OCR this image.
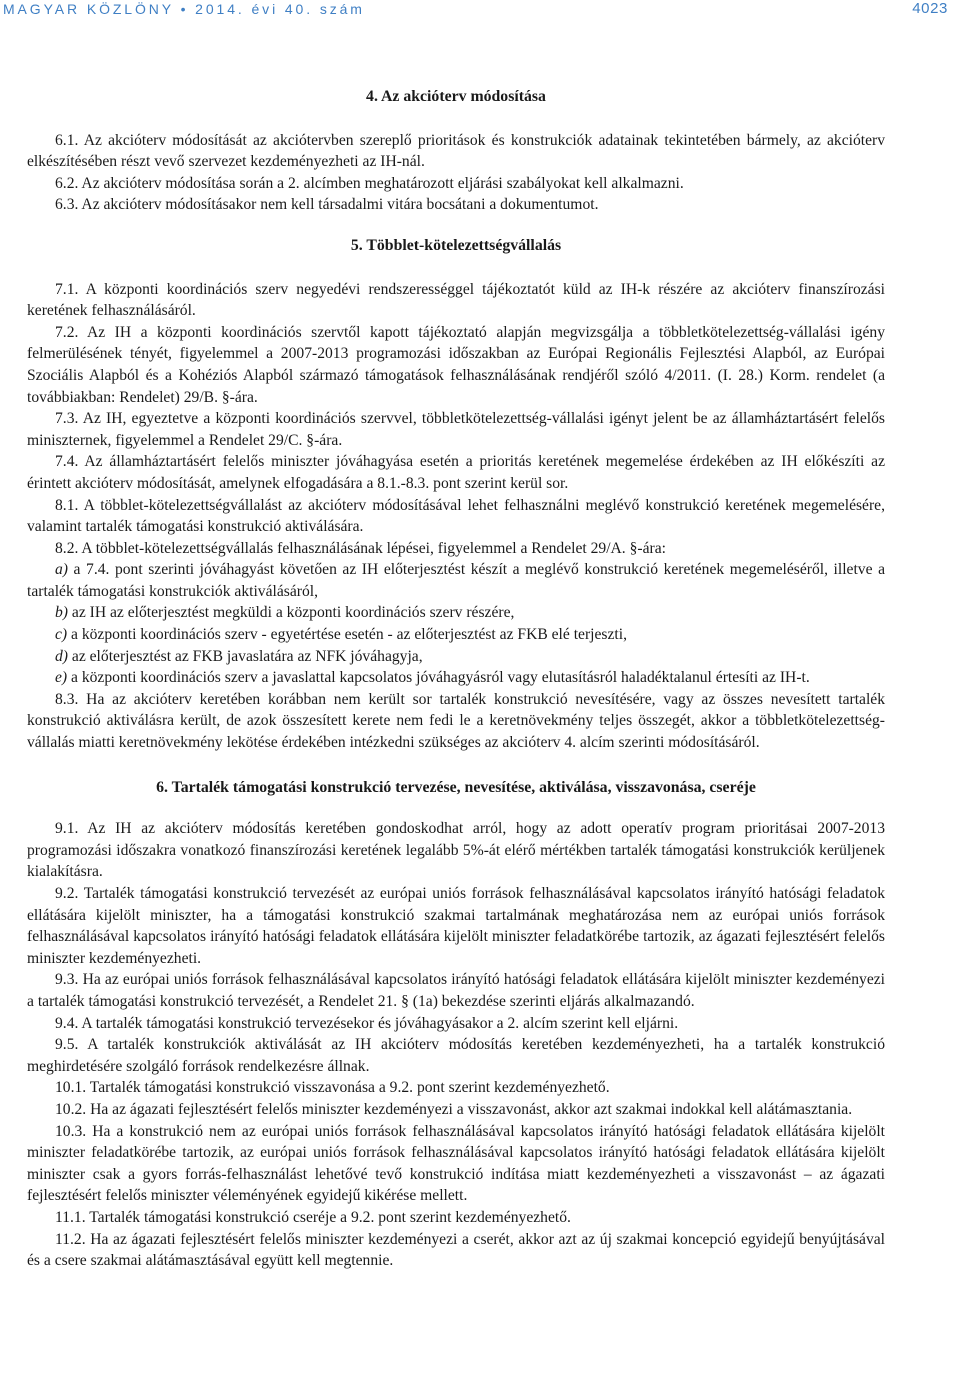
MAGYAR KÖZLÖNY • 2014. évi 40. szám	4023
4. Az akcióterv módosítása

6.1. Az akcióterv módosítását az akciótervben szereplő prioritások és konstrukciók adatainak tekintetében bármely, az akcióterv elkészítésében részt vevő szervezet kezdeményezheti az IH-nál.

6.2. Az akcióterv módosítása során a 2. alcímben meghatározott eljárási szabályokat kell alkalmazni.

6.3. Az akcióterv módosításakor nem kell társadalmi vitára bocsátani a dokumentumot.

5. Többlet-kötelezettségvállalás

7.1. A központi koordinációs szerv negyedévi rendszerességgel tájékoztatót küld az IH-k részére az akcióterv finanszírozási keretének felhasználásáról.

7.2. Az IH a központi koordinációs szervtől kapott tájékoztató alapján megvizsgálja a többletkötelezettség-vállalási igény felmerülésének tényét, figyelemmel a 2007-2013 programozási időszakban az Európai Regionális Fejlesztési Alapból, az Európai Szociális Alapból és a Kohéziós Alapból származó támogatások felhasználásának rendjéről szóló 4/2011. (I. 28.) Korm. rendelet (a továbbiakban: Rendelet) 29/B. §-ára.

7.3. Az IH, egyeztetve a központi koordinációs szervvel, többletkötelezettség-vállalási igényt jelent be az államháztartásért felelős miniszternek, figyelemmel a Rendelet 29/C. §-ára.

7.4. Az államháztartásért felelős miniszter jóváhagyása esetén a prioritás keretének megemelése érdekében az IH előkészíti az érintett akcióterv módosítását, amelynek elfogadására a 8.1.-8.3. pont szerint kerül sor.

8.1. A többlet-kötelezettségvállalást az akcióterv módosításával lehet felhasználni meglévő konstrukció keretének megemelésére, valamint tartalék támogatási konstrukció aktiválására.

8.2. A többlet-kötelezettségvállalás felhasználásának lépései, figyelemmel a Rendelet 29/A. §-ára:

a) a 7.4. pont szerinti jóváhagyást követően az IH előterjesztést készít a meglévő konstrukció keretének megemeléséről, illetve a tartalék támogatási konstrukciók aktiválásáról,

b) az IH az előterjesztést megküldi a központi koordinációs szerv részére,

c) a központi koordinációs szerv - egyetértése esetén - az előterjesztést az FKB elé terjeszti,

d) az előterjesztést az FKB javaslatára az NFK jóváhagyja,

e) a központi koordinációs szerv a javaslattal kapcsolatos jóváhagyásról vagy elutasításról haladéktalanul értesíti az IH-t.

8.3. Ha az akcióterv keretében korábban nem került sor tartalék konstrukció nevesítésére, vagy az összes nevesített tartalék konstrukció aktiválásra került, de azok összesített kerete nem fedi le a keretnövekmény teljes összegét, akkor a többletkötelezettség-vállalás miatti keretnövekmény lekötése érdekében intézkedni szükséges az akcióterv 4. alcím szerinti módosításáról.

6. Tartalék támogatási konstrukció tervezése, nevesítése, aktiválása, visszavonása, cseréje

9.1. Az IH az akcióterv módosítás keretében gondoskodhat arról, hogy az adott operatív program prioritásai 2007-2013 programozási időszakra vonatkozó finanszírozási keretének legalább 5%-át elérő mértékben tartalék támogatási konstrukciók kerüljenek kialakításra.

9.2. Tartalék támogatási konstrukció tervezését az európai uniós források felhasználásával kapcsolatos irányító hatósági feladatok ellátására kijelölt miniszter, ha a támogatási konstrukció szakmai tartalmának meghatározása nem az európai uniós források felhasználásával kapcsolatos irányító hatósági feladatok ellátására kijelölt miniszter feladatkörébe tartozik, az ágazati fejlesztésért felelős miniszter kezdeményezheti.

9.3. Ha az európai uniós források felhasználásával kapcsolatos irányító hatósági feladatok ellátására kijelölt miniszter kezdeményezi a tartalék támogatási konstrukció tervezését, a Rendelet 21. § (1a) bekezdése szerinti eljárás alkalmazandó.

9.4. A tartalék támogatási konstrukció tervezésekor és jóváhagyásakor a 2. alcím szerint kell eljárni.

9.5. A tartalék konstrukciók aktiválását az IH akcióterv módosítás keretében kezdeményezheti, ha a tartalék konstrukció meghirdetésére szolgáló források rendelkezésre állnak.

10.1. Tartalék támogatási konstrukció visszavonása a 9.2. pont szerint kezdeményezhető.

10.2. Ha az ágazati fejlesztésért felelős miniszter kezdeményezi a visszavonást, akkor azt szakmai indokkal kell alátámasztania.

10.3. Ha a konstrukció nem az európai uniós források felhasználásával kapcsolatos irányító hatósági feladatok ellátására kijelölt miniszter feladatkörébe tartozik, az európai uniós források felhasználásával kapcsolatos irányító hatósági feladatok ellátására kijelölt miniszter csak a gyors forrás-felhasználást lehetővé tevő konstrukció indítása miatt kezdeményezheti a visszavonást – az ágazati fejlesztésért felelős miniszter véleményének egyidejű kikérése mellett.

11.1. Tartalék támogatási konstrukció cseréje a 9.2. pont szerint kezdeményezhető.

11.2. Ha az ágazati fejlesztésért felelős miniszter kezdeményezi a cserét, akkor azt az új szakmai koncepció egyidejű benyújtásával és a csere szakmai alátámasztásával együtt kell megtennie.
